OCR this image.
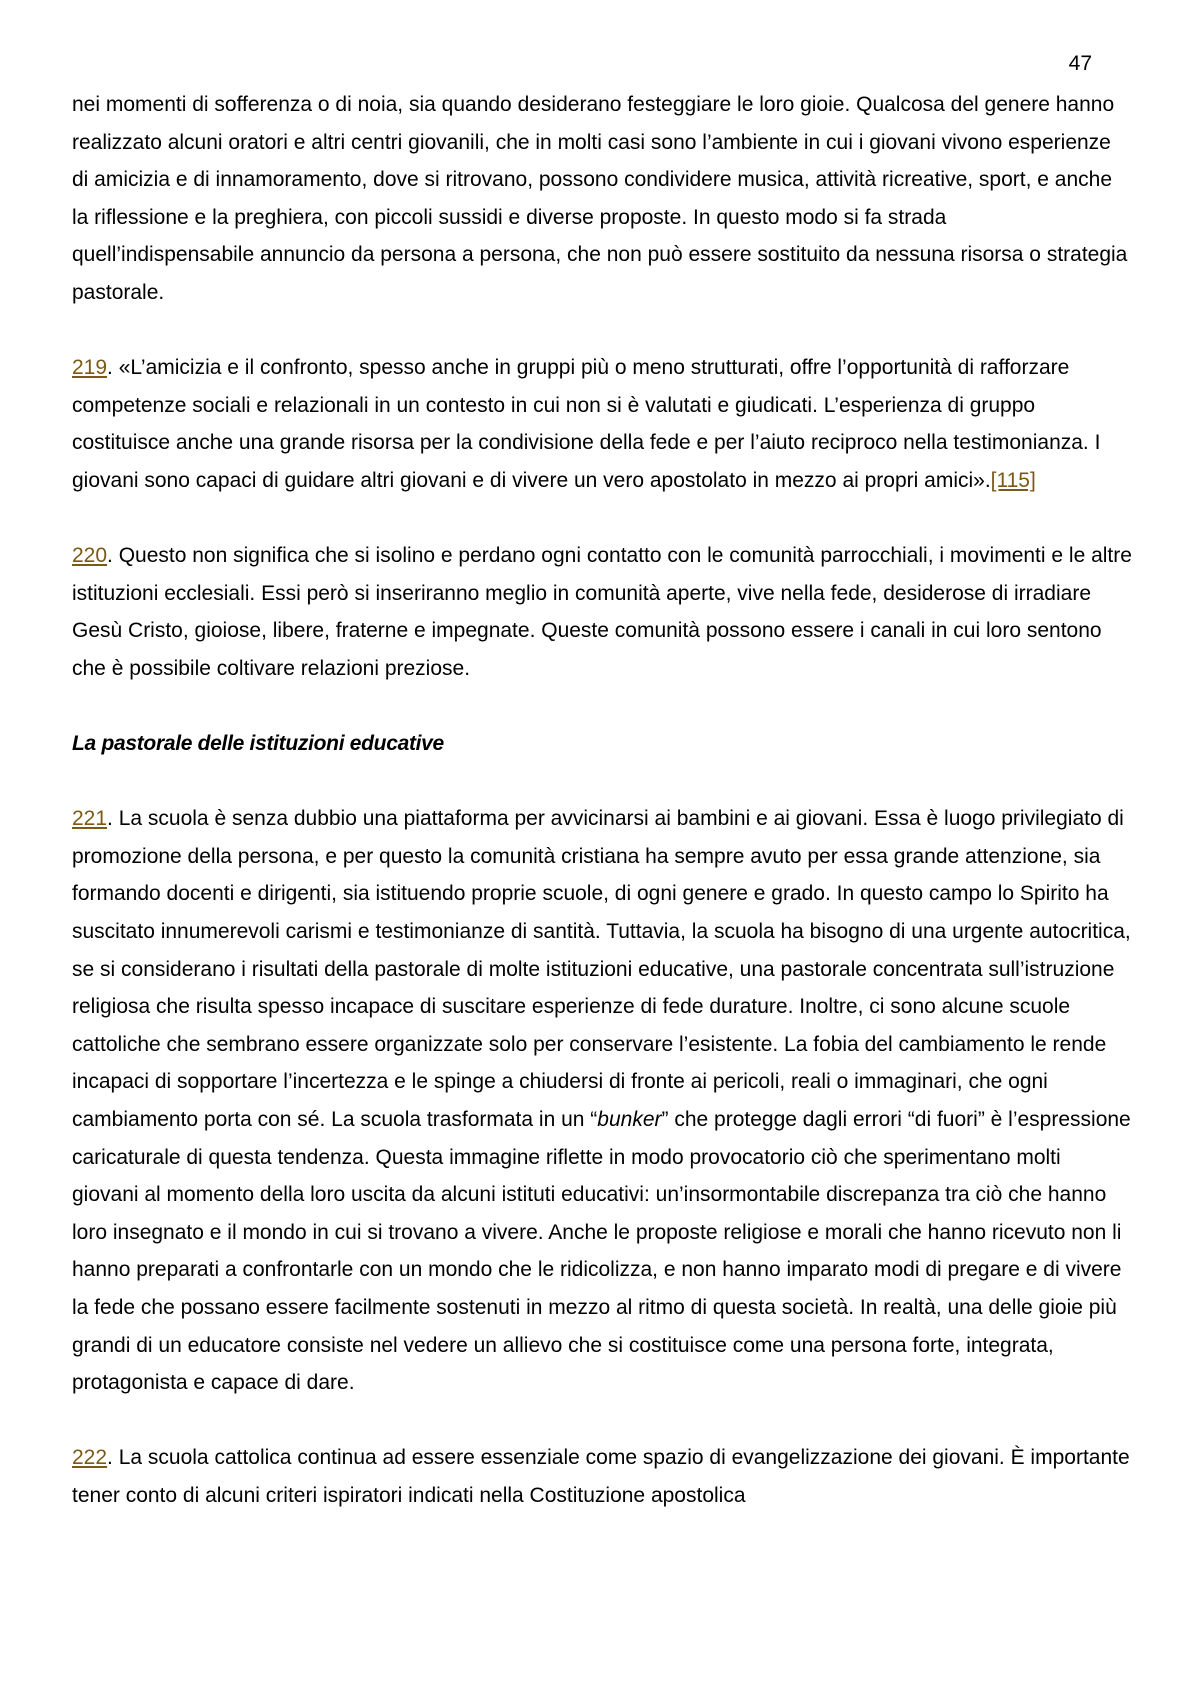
47

nei momenti di sofferenza o di noia, sia quando desiderano festeggiare le loro gioie. Qualcosa del genere hanno realizzato alcuni oratori e altri centri giovanili, che in molti casi sono l’ambiente in cui i giovani vivono esperienze di amicizia e di innamoramento, dove si ritrovano, possono condividere musica, attività ricreative, sport, e anche la riflessione e la preghiera, con piccoli sussidi e diverse proposte. In questo modo si fa strada quell’indispensabile annuncio da persona a persona, che non può essere sostituito da nessuna risorsa o strategia pastorale.

219. «L’amicizia e il confronto, spesso anche in gruppi più o meno strutturati, offre l’opportunità di rafforzare competenze sociali e relazionali in un contesto in cui non si è valutati e giudicati. L’esperienza di gruppo costituisce anche una grande risorsa per la condivisione della fede e per l’aiuto reciproco nella testimonianza. I giovani sono capaci di guidare altri giovani e di vivere un vero apostolato in mezzo ai propri amici».[115]

220. Questo non significa che si isolino e perdano ogni contatto con le comunità parrocchiali, i movimenti e le altre istituzioni ecclesiali. Essi però si inseriranno meglio in comunità aperte, vive nella fede, desiderose di irradiare Gesù Cristo, gioiose, libere, fraterne e impegnate. Queste comunità possono essere i canali in cui loro sentono che è possibile coltivare relazioni preziose.

La pastorale delle istituzioni educative

221. La scuola è senza dubbio una piattaforma per avvicinarsi ai bambini e ai giovani. Essa è luogo privilegiato di promozione della persona, e per questo la comunità cristiana ha sempre avuto per essa grande attenzione, sia formando docenti e dirigenti, sia istituendo proprie scuole, di ogni genere e grado. In questo campo lo Spirito ha suscitato innumerevoli carismi e testimonianze di santità. Tuttavia, la scuola ha bisogno di una urgente autocritica, se si considerano i risultati della pastorale di molte istituzioni educative, una pastorale concentrata sull’istruzione religiosa che risulta spesso incapace di suscitare esperienze di fede durature. Inoltre, ci sono alcune scuole cattoliche che sembrano essere organizzate solo per conservare l’esistente. La fobia del cambiamento le rende incapaci di sopportare l’incertezza e le spinge a chiudersi di fronte ai pericoli, reali o immaginari, che ogni cambiamento porta con sé. La scuola trasformata in un “bunker” che protegge dagli errori “di fuori” è l’espressione caricaturale di questa tendenza. Questa immagine riflette in modo provocatorio ciò che sperimentano molti giovani al momento della loro uscita da alcuni istituti educativi: un’insormontabile discrepanza tra ciò che hanno loro insegnato e il mondo in cui si trovano a vivere. Anche le proposte religiose e morali che hanno ricevuto non li hanno preparati a confrontarle con un mondo che le ridicolizza, e non hanno imparato modi di pregare e di vivere la fede che possano essere facilmente sostenuti in mezzo al ritmo di questa società. In realtà, una delle gioie più grandi di un educatore consiste nel vedere un allievo che si costituisce come una persona forte, integrata, protagonista e capace di dare.

222. La scuola cattolica continua ad essere essenziale come spazio di evangelizzazione dei giovani. È importante tener conto di alcuni criteri ispiratori indicati nella Costituzione apostolica
